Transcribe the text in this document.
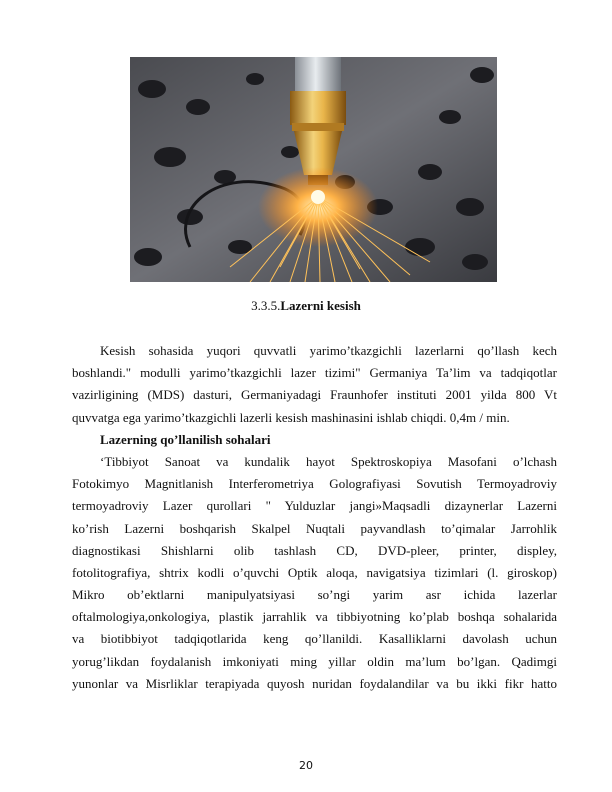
3.3.5.Lazerni kesish
Kesish sohasida yuqori quvvatli yarimo’tkazgichli lazerlarni qo’llash kech
boshlandi." modulli yarimo’tkazgichli lazer tizimi" Germaniya Ta’lim va tadqiqotlar
vazirligining (MDS) dasturi, Germaniyadagi Fraunhofer instituti 2001 yilda 800 Vt
quvvatga ega yarimo’tkazgichli lazerli kesish mashinasini ishlab chiqdi. 0,4m / min.
Lazerning qo’llanilish sohalari
‘Tibbiyot Sanoat va kundalik hayot Spektroskopiya Masofani o’lchash
Fotokimyo Magnitlanish Interferometriya Golografiyasi Sovutish Termoyadroviy
termoyadroviy Lazer qurollari " Yulduzlar jangi»Maqsadli dizaynerlar Lazerni
ko’rish Lazerni boshqarish Skalpel Nuqtali payvandlash to’qimalar Jarrohlik
diagnostikasi Shishlarni olib tashlash CD, DVD-pleer, printer, displey,
fotolitografiya, shtrix kodli o’quvchi Optik aloqa, navigatsiya tizimlari (l. giroskop)
Mikro ob’ektlarni manipulyatsiyasi so’ngi yarim asr ichida lazerlar
oftalmologiya,onkologiya, plastik jarrahlik va tibbiyotning ko’plab boshqa sohalarida
va biotibbiyot tadqiqotlarida keng qo’llanildi. Kasalliklarni davolash uchun
yorug’likdan foydalanish imkoniyati ming yillar oldin ma’lum bo’lgan. Qadimgi
yunonlar va Misrliklar terapiyada quyosh nuridan foydalandilar va bu ikki fikr hatto
20
